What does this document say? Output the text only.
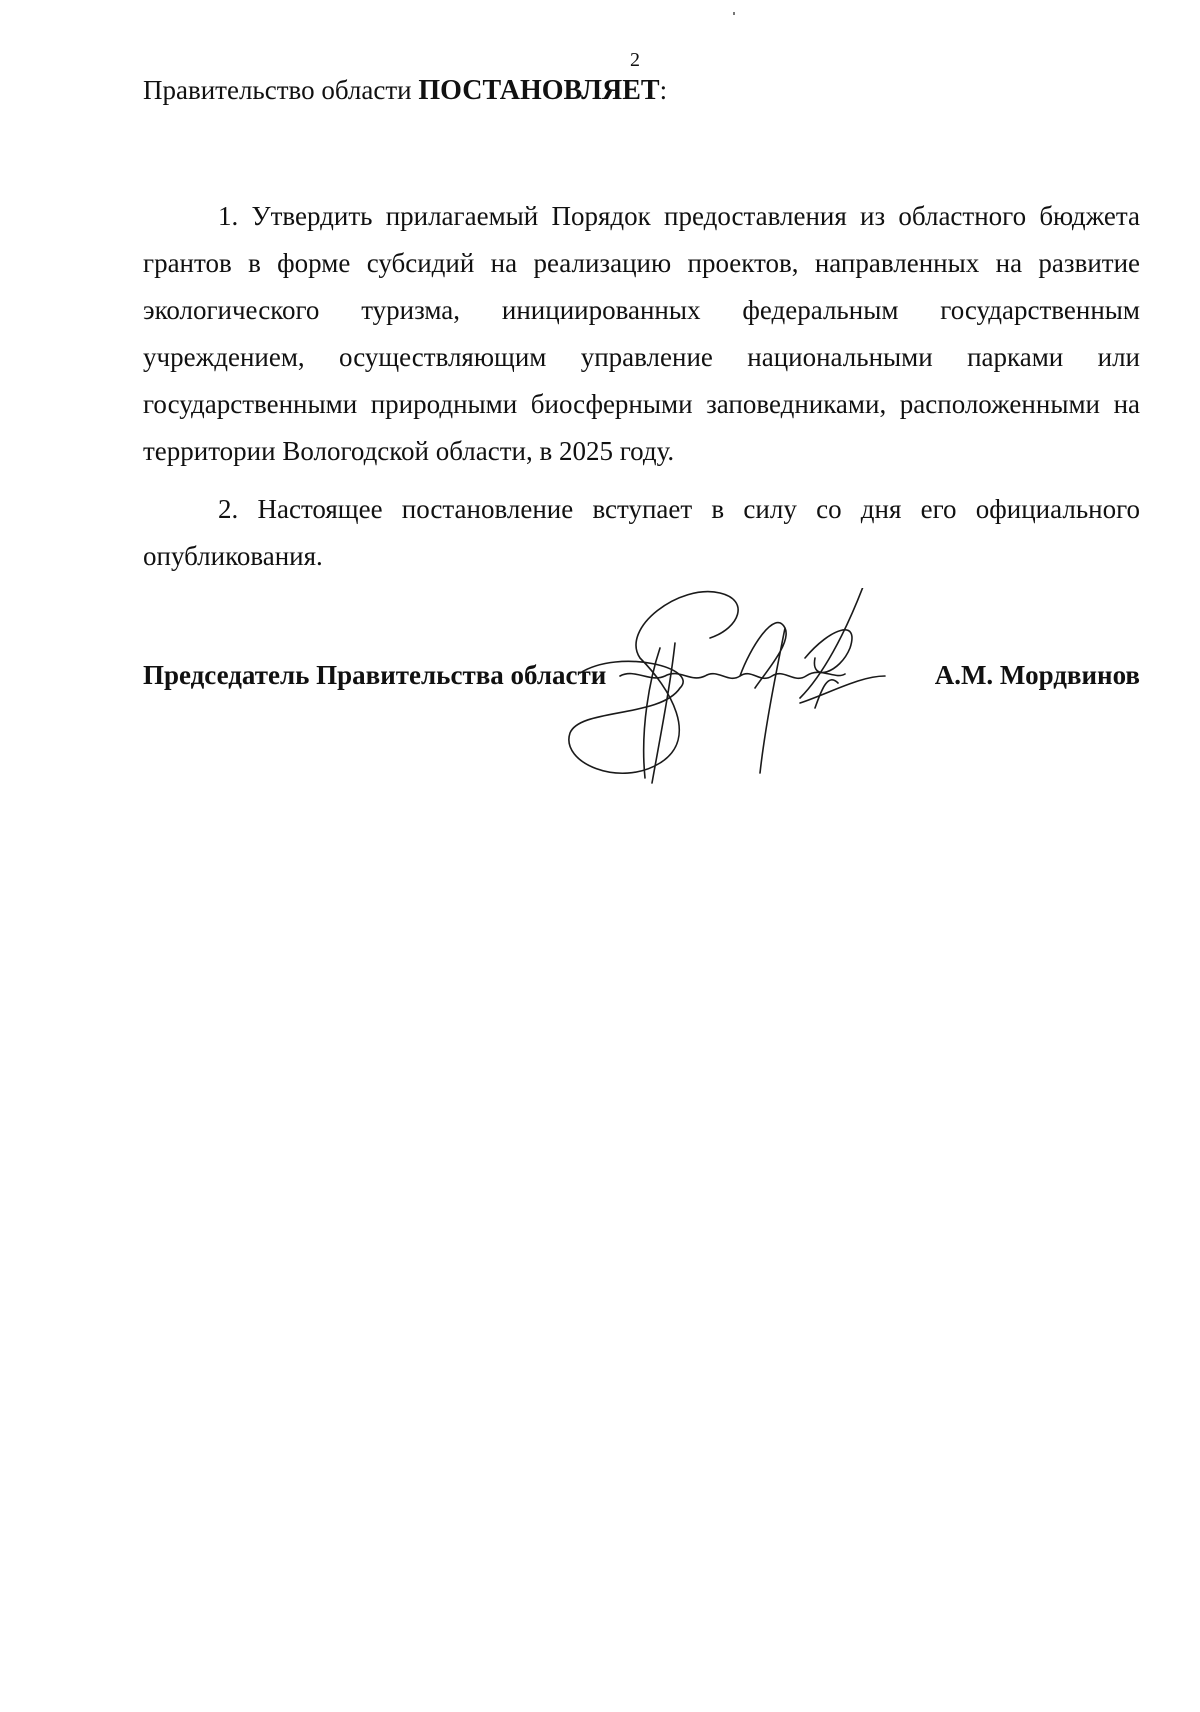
2
Правительство области ПОСТАНОВЛЯЕТ:

1. Утвердить прилагаемый Порядок предоставления из областного бюджета грантов в форме субсидий на реализацию проектов, направленных на развитие экологического туризма, инициированных федеральным государственным учреждением, осуществляющим управление национальными парками или государственными природными биосферными заповедниками, расположенными на территории Вологодской области, в 2025 году.

2. Настоящее постановление вступает в силу со дня его официального опубликования.

Председатель Правительства области	А.М. Мордвинов
